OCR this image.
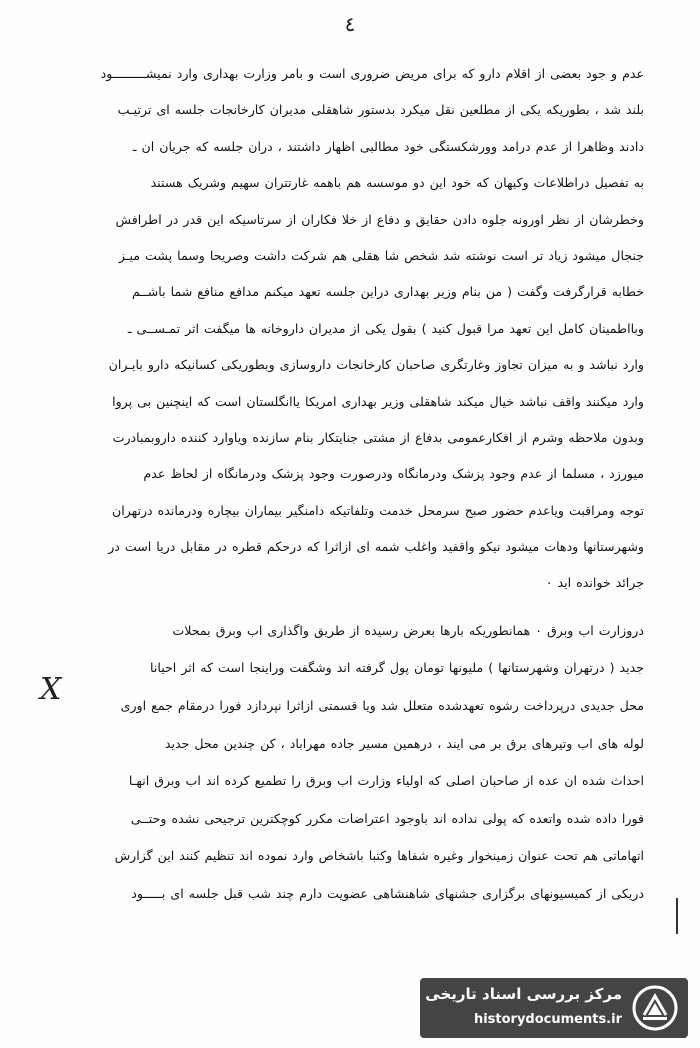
٤
عدم و جود بعضی از اقلام دارو که برای مریض ضروری است و بامر وزارت بهداری وارد نمیشـــــــــود
بلند شد ، بطوریکه یکی از مطلعین نقل میکرد بدستور شاهقلی مدیران کارخانجات جلسه ای ترتیـب
دادند وظاهرا از عدم درامد وورشکستگی خود مطالبی اظهار داشتند ، دران جلسه که جریان ان ـ
به تفصیل دراطلاعات وکیهان که خود این دو موسسه هم باهمه غارتتران سهیم وشریک هستند
وخطرشان از نظر اورونه جلوه دادن حقایق و دفاع از خلا فکاران از سرتاسیکه این قدر در اطرافش
جنجال میشود زیاد تر است نوشته شد شخص شا هقلی هم شرکت داشت وصریحا وسما پشت میـز
خطابه قرارگرفت وگفت ( من بنام وزیر بهداری دراین جلسه تعهد میکنم مدافع منافع شما باشــم
وبااطمینان کامل این تعهد مرا قبول کنید ) بقول یکی از مدیران داروخانه ها میگفت اثر تمـســی ـ
وارد نباشد و به میزان تجاوز وغارتگری صاحبان کارخانجات داروسازی وبطوریکی کسانیکه دارو بایـران
وارد میکنند واقف نباشد خیال میکند شاهقلی وزیر بهداری امریکا یاانگلستان است که اینچنین بی پروا
وبدون ملاحظه وشرم از افکارعمومی بدفاع از مشتی جنایتکار بنام سازنده ویاوارد کننده داروبمبادرت
میورزد ، مسلما از عدم وجود پزشک ودرمانگاه ودرصورت وجود پزشک ودرمانگاه از لحاظ عدم
توجه ومراقبت ویاعدم حضور صبح سرمحل خدمت وتلفاتیکه دامنگیر بیماران بیچاره ودرمانده درتهران
وشهرستانها ودهات میشود نیکو واقفید واغلب شمه ای ازاثرا که درحکم قطره در مقابل دریا است در
جرائد خوانده اید ٠
دروزارت اب وبرق ٠ همانطوریکه بارها بعرض رسیده از طریق واگذاری اب وبرق بمحلات
جدید ( درتهران وشهرستانها ) ملیونها تومان پول گرفته اند وشگفت وراینجا است که اثر احیانا
محل جدیدی درپرداخت رشوه تعهدشده متعلل شد ویا قسمتی ازاثرا نپردازد فورا درمقام جمع اوری
لوله های اب وتیرهای برق بر می ایند ، درهمین مسیر جاده مهراباد ، کن چندین محل جدید
احداث شده ان عده از صاحبان اصلی که اولیاء وزارت اب وبرق را تطمیع کرده اند اب وبرق انهـا
فورا داده شده واتعده که پولی نداده اند باوجود اعتراضات مکرر کوچکترین ترجیحی نشده وحتــی
اتهاماتی هم تحت عنوان زمینخوار وغیره شفاها وکتبا باشخاص وارد نموده اند تنظیم کنند این گزارش
دریکی از کمیسیونهای برگزاری جشنهای شاهنشاهی عضویت دارم چند شب قبل جلسه ای بـــــود
X
مرکز بررسی اسناد تاریخی
historydocuments.ir
